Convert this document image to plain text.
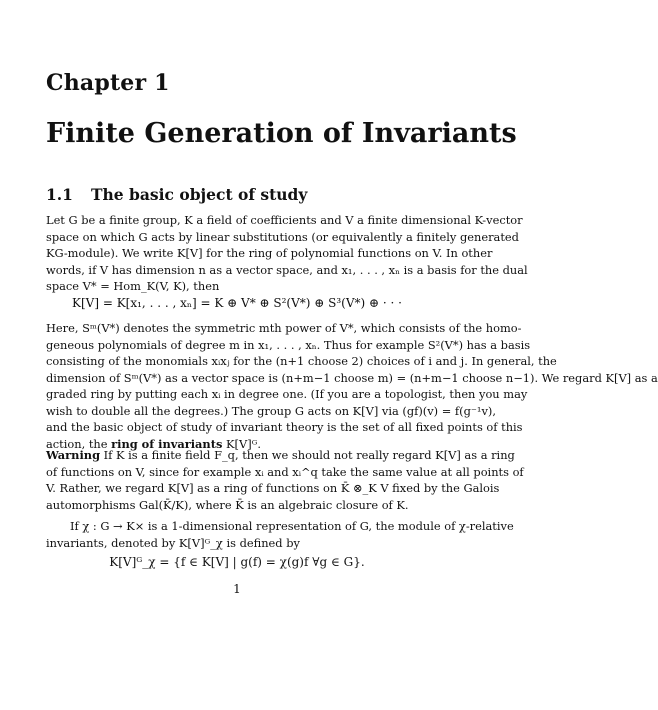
Chapter 1
Finite Generation of Invariants
1.1 The basic object of study
Let G be a finite group, K a field of coefficients and V a finite dimensional K-vector
space on which G acts by linear substitutions (or equivalently a finitely generated
KG-module). We write K[V] for the ring of polynomial functions on V. In other
words, if V has dimension n as a vector space, and x₁, . . . , xₙ is a basis for the dual
space V* = Hom_K(V, K), then
K[V] = K[x₁, . . . , xₙ] = K ⊕ V* ⊕ S²(V*) ⊕ S³(V*) ⊕ · · ·
Here, Sᵐ(V*) denotes the symmetric mth power of V*, which consists of the homo-
geneous polynomials of degree m in x₁, . . . , xₙ. Thus for example S²(V*) has a basis
consisting of the monomials xᵢxⱼ for the (n+1 choose 2) choices of i and j. In general, the
dimension of Sᵐ(V*) as a vector space is (n+m−1 choose m) = (n+m−1 choose n−1). We regard K[V] as a
graded ring by putting each xᵢ in degree one. (If you are a topologist, then you may
wish to double all the degrees.) The group G acts on K[V] via (gf)(v) = f(g⁻¹v),
and the basic object of study of invariant theory is the set of all fixed points of this
action, the ring of invariants K[V]ᴳ.
Warning If K is a finite field F_q, then we should not really regard K[V] as a ring
of functions on V, since for example xᵢ and xᵢ^q take the same value at all points of
V. Rather, we regard K[V] as a ring of functions on K̄ ⊗_K V fixed by the Galois
automorphisms Gal(K̄/K), where K̄ is an algebraic closure of K.
If χ : G → K× is a 1-dimensional representation of G, the module of χ-relative
invariants, denoted by K[V]ᴳ_χ is defined by
K[V]ᴳ_χ = {f ∈ K[V] | g(f) = χ(g)f ∀g ∈ G}.
1
